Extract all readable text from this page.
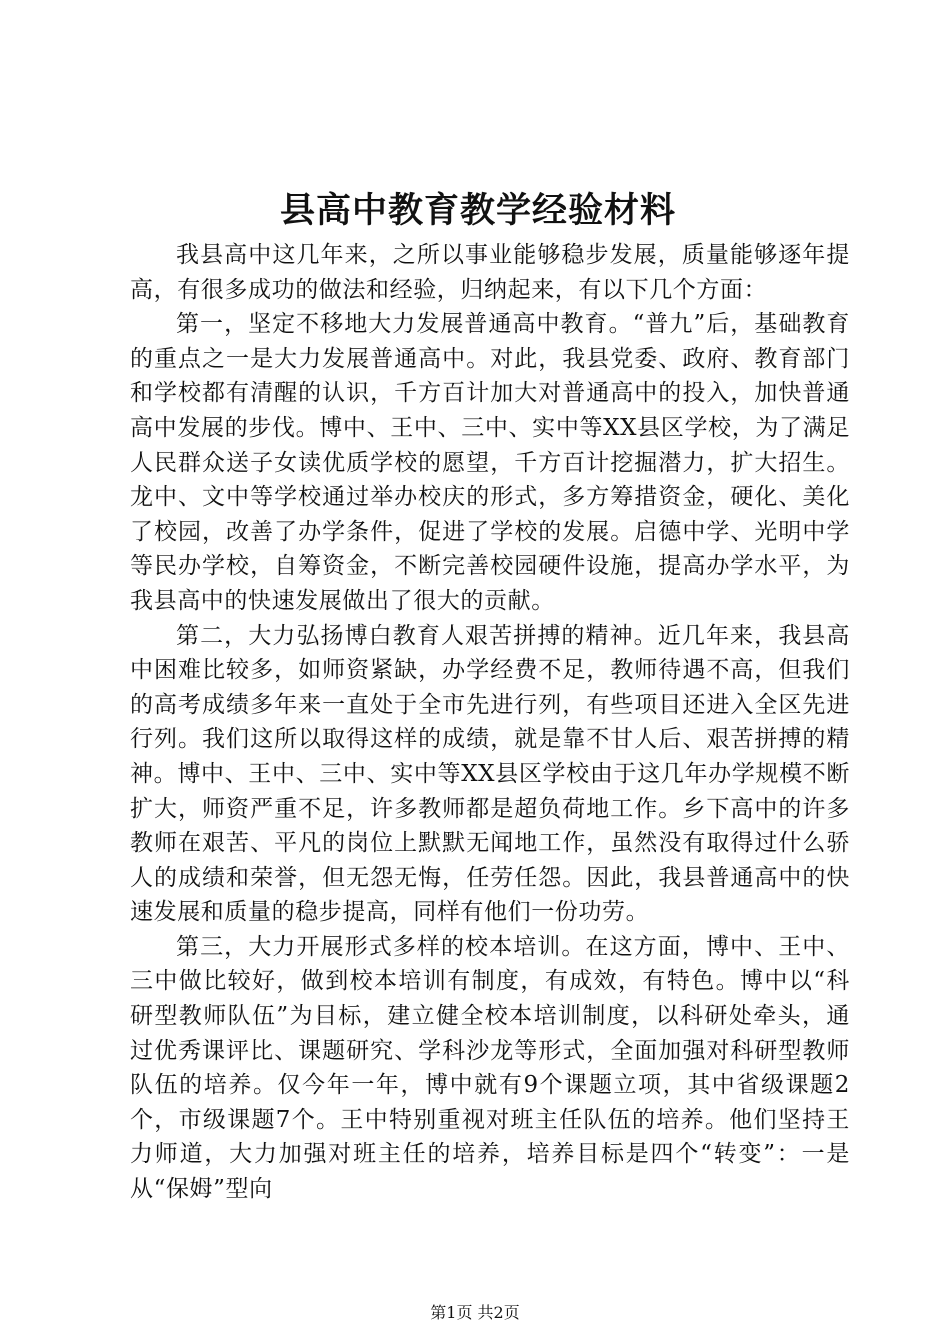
县高中教育教学经验材料

我县高中这几年来，之所以事业能够稳步发展，质量能够逐年提高，有很多成功的做法和经验，归纳起来，有以下几个方面：

第一，坚定不移地大力发展普通高中教育。“普九”后，基础教育的重点之一是大力发展普通高中。对此，我县党委、政府、教育部门和学校都有清醒的认识，千方百计加大对普通高中的投入，加快普通高中发展的步伐。博中、王中、三中、实中等XX县区学校，为了满足人民群众送子女读优质学校的愿望，千方百计挖掘潜力，扩大招生。龙中、文中等学校通过举办校庆的形式，多方筹措资金，硬化、美化了校园，改善了办学条件，促进了学校的发展。启德中学、光明中学等民办学校，自筹资金，不断完善校园硬件设施，提高办学水平，为我县高中的快速发展做出了很大的贡献。

第二，大力弘扬博白教育人艰苦拼搏的精神。近几年来，我县高中困难比较多，如师资紧缺，办学经费不足，教师待遇不高，但我们的高考成绩多年来一直处于全市先进行列，有些项目还进入全区先进行列。我们这所以取得这样的成绩，就是靠不甘人后、艰苦拼搏的精神。博中、王中、三中、实中等XX县区学校由于这几年办学规模不断扩大，师资严重不足，许多教师都是超负荷地工作。乡下高中的许多教师在艰苦、平凡的岗位上默默无闻地工作，虽然没有取得过什么骄人的成绩和荣誉，但无怨无悔，任劳任怨。因此，我县普通高中的快速发展和质量的稳步提高，同样有他们一份功劳。

第三，大力开展形式多样的校本培训。在这方面，博中、王中、三中做比较好，做到校本培训有制度，有成效，有特色。博中以“科研型教师队伍”为目标，建立健全校本培训制度，以科研处牵头，通过优秀课评比、课题研究、学科沙龙等形式，全面加强对科研型教师队伍的培养。仅今年一年，博中就有9个课题立项，其中省级课题2个，市级课题7个。王中特别重视对班主任队伍的培养。他们坚持王力师道，大力加强对班主任的培养，培养目标是四个“转变”：一是从“保姆”型向

第1页 共2页
